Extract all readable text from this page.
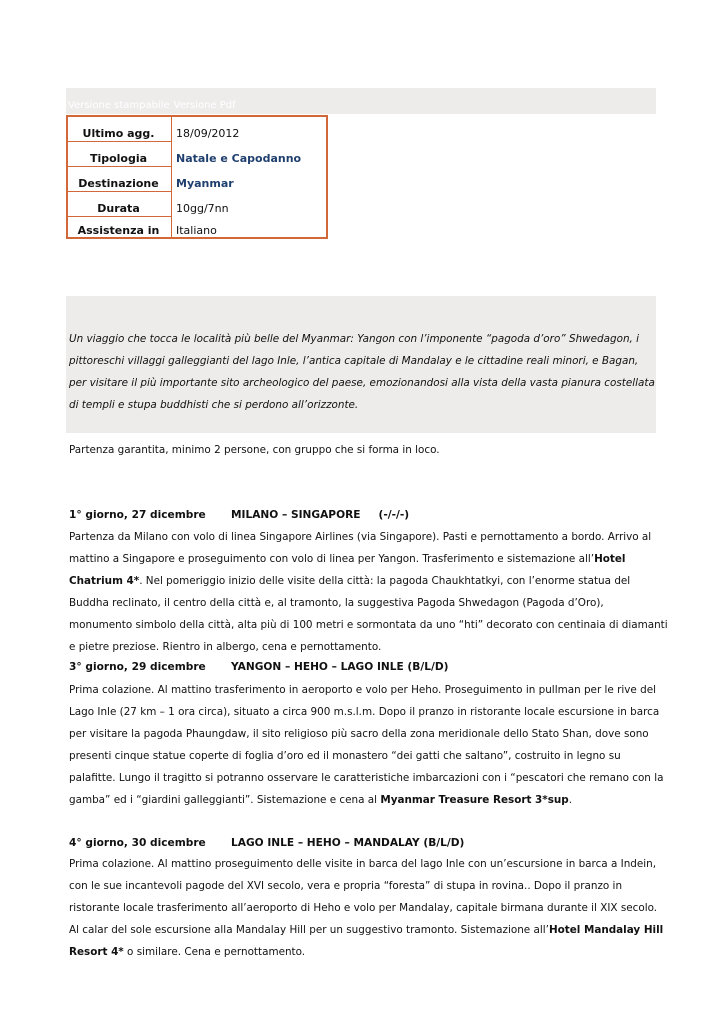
Versione stampabile Versione Pdf
Ultimo agg.	18/09/2012
Tipologia	Natale e Capodanno
Destinazione	Myanmar
Durata	10gg/7nn
Assistenza in	Italiano

Un viaggio che tocca le località più belle del Myanmar: Yangon con l’imponente “pagoda d’oro” Shwedagon, i pittoreschi villaggi galleggianti del lago Inle, l’antica capitale di Mandalay e le cittadine reali minori, e Bagan, per visitare il più importante sito archeologico del paese, emozionandosi alla vista della vasta pianura costellata di templi e stupa buddhisti che si perdono all’orizzonte.

Partenza garantita, minimo 2 persone, con gruppo che si forma in loco.
1° giorno, 27 dicembre MILANO – SINGAPORE (-/-/-)
Partenza da Milano con volo di linea Singapore Airlines (via Singapore). Pasti e pernottamento a bordo. Arrivo al mattino a Singapore e proseguimento con volo di linea per Yangon. Trasferimento e sistemazione all’Hotel Chatrium 4*. Nel pomeriggio inizio delle visite della città: la pagoda Chaukhtatkyi, con l’enorme statua del Buddha reclinato, il centro della città e, al tramonto, la suggestiva Pagoda Shwedagon (Pagoda d’Oro), monumento simbolo della città, alta più di 100 metri e sormontata da uno “hti” decorato con centinaia di diamanti e pietre preziose. Rientro in albergo, cena e pernottamento.
3° giorno, 29 dicembre YANGON – HEHO – LAGO INLE (B/L/D)
Prima colazione. Al mattino trasferimento in aeroporto e volo per Heho. Proseguimento in pullman per le rive del Lago Inle (27 km – 1 ora circa), situato a circa 900 m.s.l.m. Dopo il pranzo in ristorante locale escursione in barca per visitare la pagoda Phaungdaw, il sito religioso più sacro della zona meridionale dello Stato Shan, dove sono presenti cinque statue coperte di foglia d’oro ed il monastero “dei gatti che saltano”, costruito in legno su palafitte. Lungo il tragitto si potranno osservare le caratteristiche imbarcazioni con i “pescatori che remano con la gamba” ed i “giardini galleggianti”. Sistemazione e cena al Myanmar Treasure Resort 3*sup.
4° giorno, 30 dicembre LAGO INLE – HEHO – MANDALAY (B/L/D)
Prima colazione. Al mattino proseguimento delle visite in barca del lago Inle con un’escursione in barca a Indein, con le sue incantevoli pagode del XVI secolo, vera e propria “foresta” di stupa in rovina.. Dopo il pranzo in ristorante locale trasferimento all’aeroporto di Heho e volo per Mandalay, capitale birmana durante il XIX secolo. Al calar del sole escursione alla Mandalay Hill per un suggestivo tramonto. Sistemazione all’Hotel Mandalay Hill Resort 4* o similare. Cena e pernottamento.
